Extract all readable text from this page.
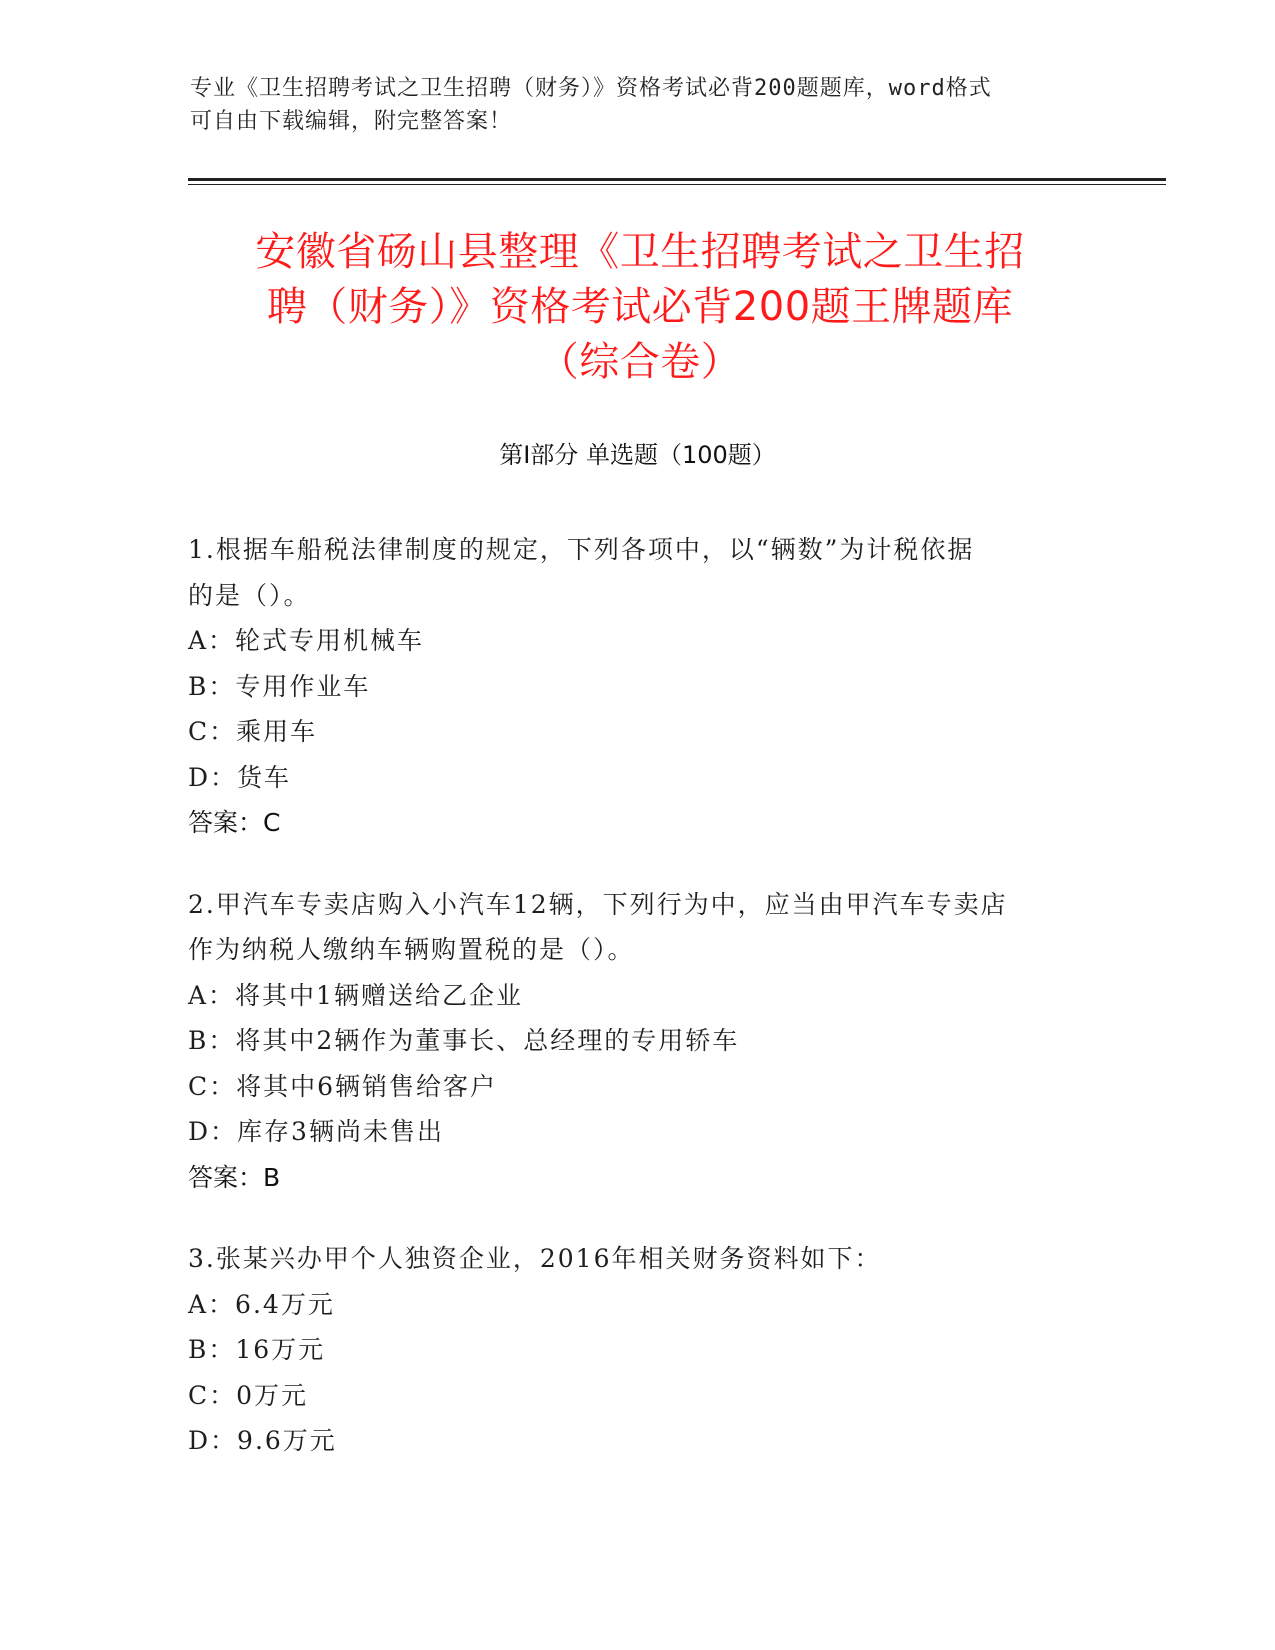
专业《卫生招聘考试之卫生招聘（财务）》资格考试必背200题题库，word格式
可自由下载编辑，附完整答案！
安徽省砀山县整理《卫生招聘考试之卫生招
聘（财务）》资格考试必背200题王牌题库
（综合卷）
第Ⅰ部分 单选题（100题）

1.根据车船税法律制度的规定，下列各项中，以“辆数”为计税依据

的是（）。

A：轮式专用机械车

B：专用作业车

C：乘用车

D：货车

答案：C

2.甲汽车专卖店购入小汽车12辆，下列行为中，应当由甲汽车专卖店

作为纳税人缴纳车辆购置税的是（）。

A：将其中1辆赠送给乙企业

B：将其中2辆作为董事长、总经理的专用轿车

C：将其中6辆销售给客户

D：库存3辆尚未售出

答案：B

3.张某兴办甲个人独资企业，2016年相关财务资料如下：

A：6.4万元

B：16万元

C：0万元

D：9.6万元
